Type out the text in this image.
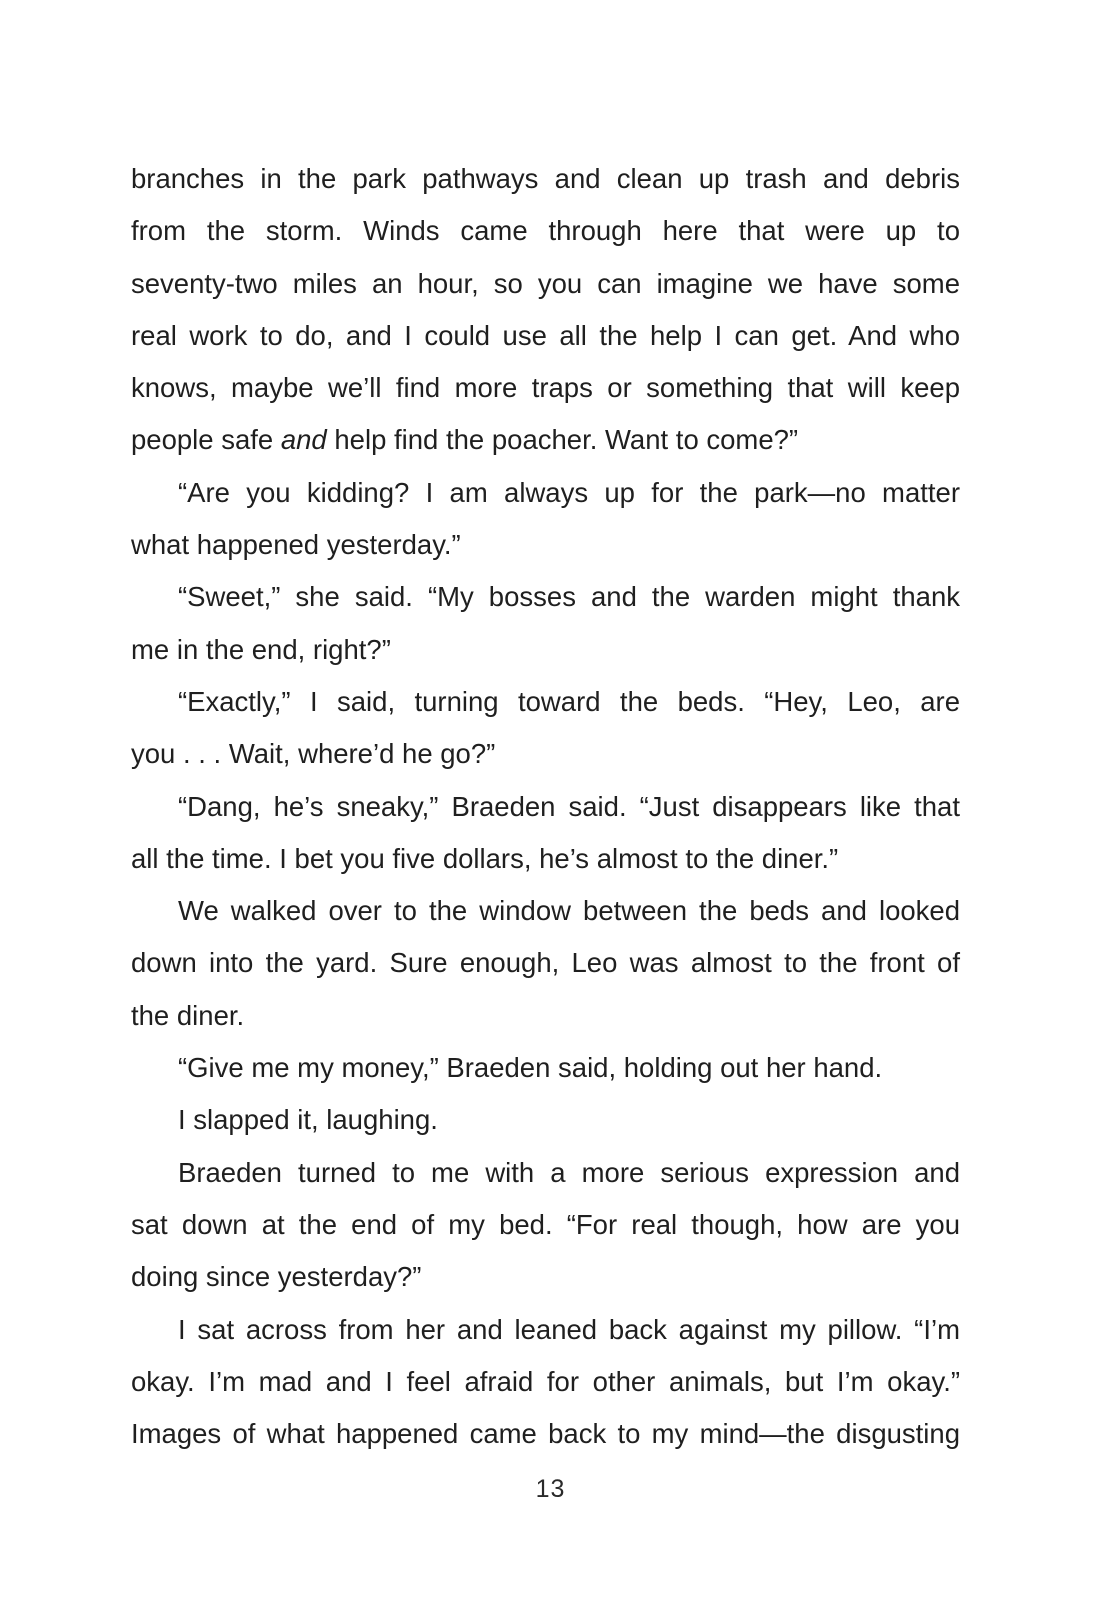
branches in the park pathways and clean up trash and debris
from the storm. Winds came through here that were up to
seventy-two miles an hour, so you can imagine we have some
real work to do, and I could use all the help I can get. And who
knows, maybe we’ll find more traps or something that will keep
people safe and help find the poacher. Want to come?”
“Are you kidding? I am always up for the park—no matter
what happened yesterday.”
“Sweet,” she said. “My bosses and the warden might thank
me in the end, right?”
“Exactly,” I said, turning toward the beds. “Hey, Leo, are
you . . . Wait, where’d he go?”
“Dang, he’s sneaky,” Braeden said. “Just disappears like that
all the time. I bet you five dollars, he’s almost to the diner.”
We walked over to the window between the beds and looked
down into the yard. Sure enough, Leo was almost to the front of
the diner.
“Give me my money,” Braeden said, holding out her hand.
I slapped it, laughing.
Braeden turned to me with a more serious expression and
sat down at the end of my bed. “For real though, how are you
doing since yesterday?”
I sat across from her and leaned back against my pillow. “I’m
okay. I’m mad and I feel afraid for other animals, but I’m okay.”
Images of what happened came back to my mind—the disgusting
13
